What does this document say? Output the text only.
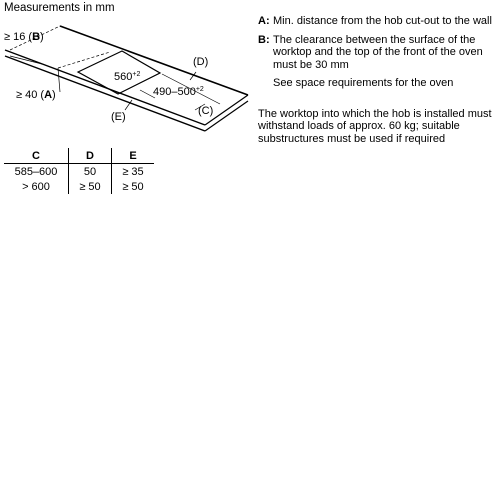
Measurements in mm
≥ 16 (B)
≥ 40 (A)
(D)
(C)
(E)
$560^{+2}$
$490-500^{+2}$
C	D	E
585–600	50	≥ 35
> 600	≥ 50	≥ 50
A: Min. distance from the hob cut-out to the wall
B: The clearance between the surface of the worktop and the top of the front of the oven must be 30 mm
See space requirements for the oven
The worktop into which the hob is installed must withstand loads of approx. 60 kg; suitable substructures must be used if required
